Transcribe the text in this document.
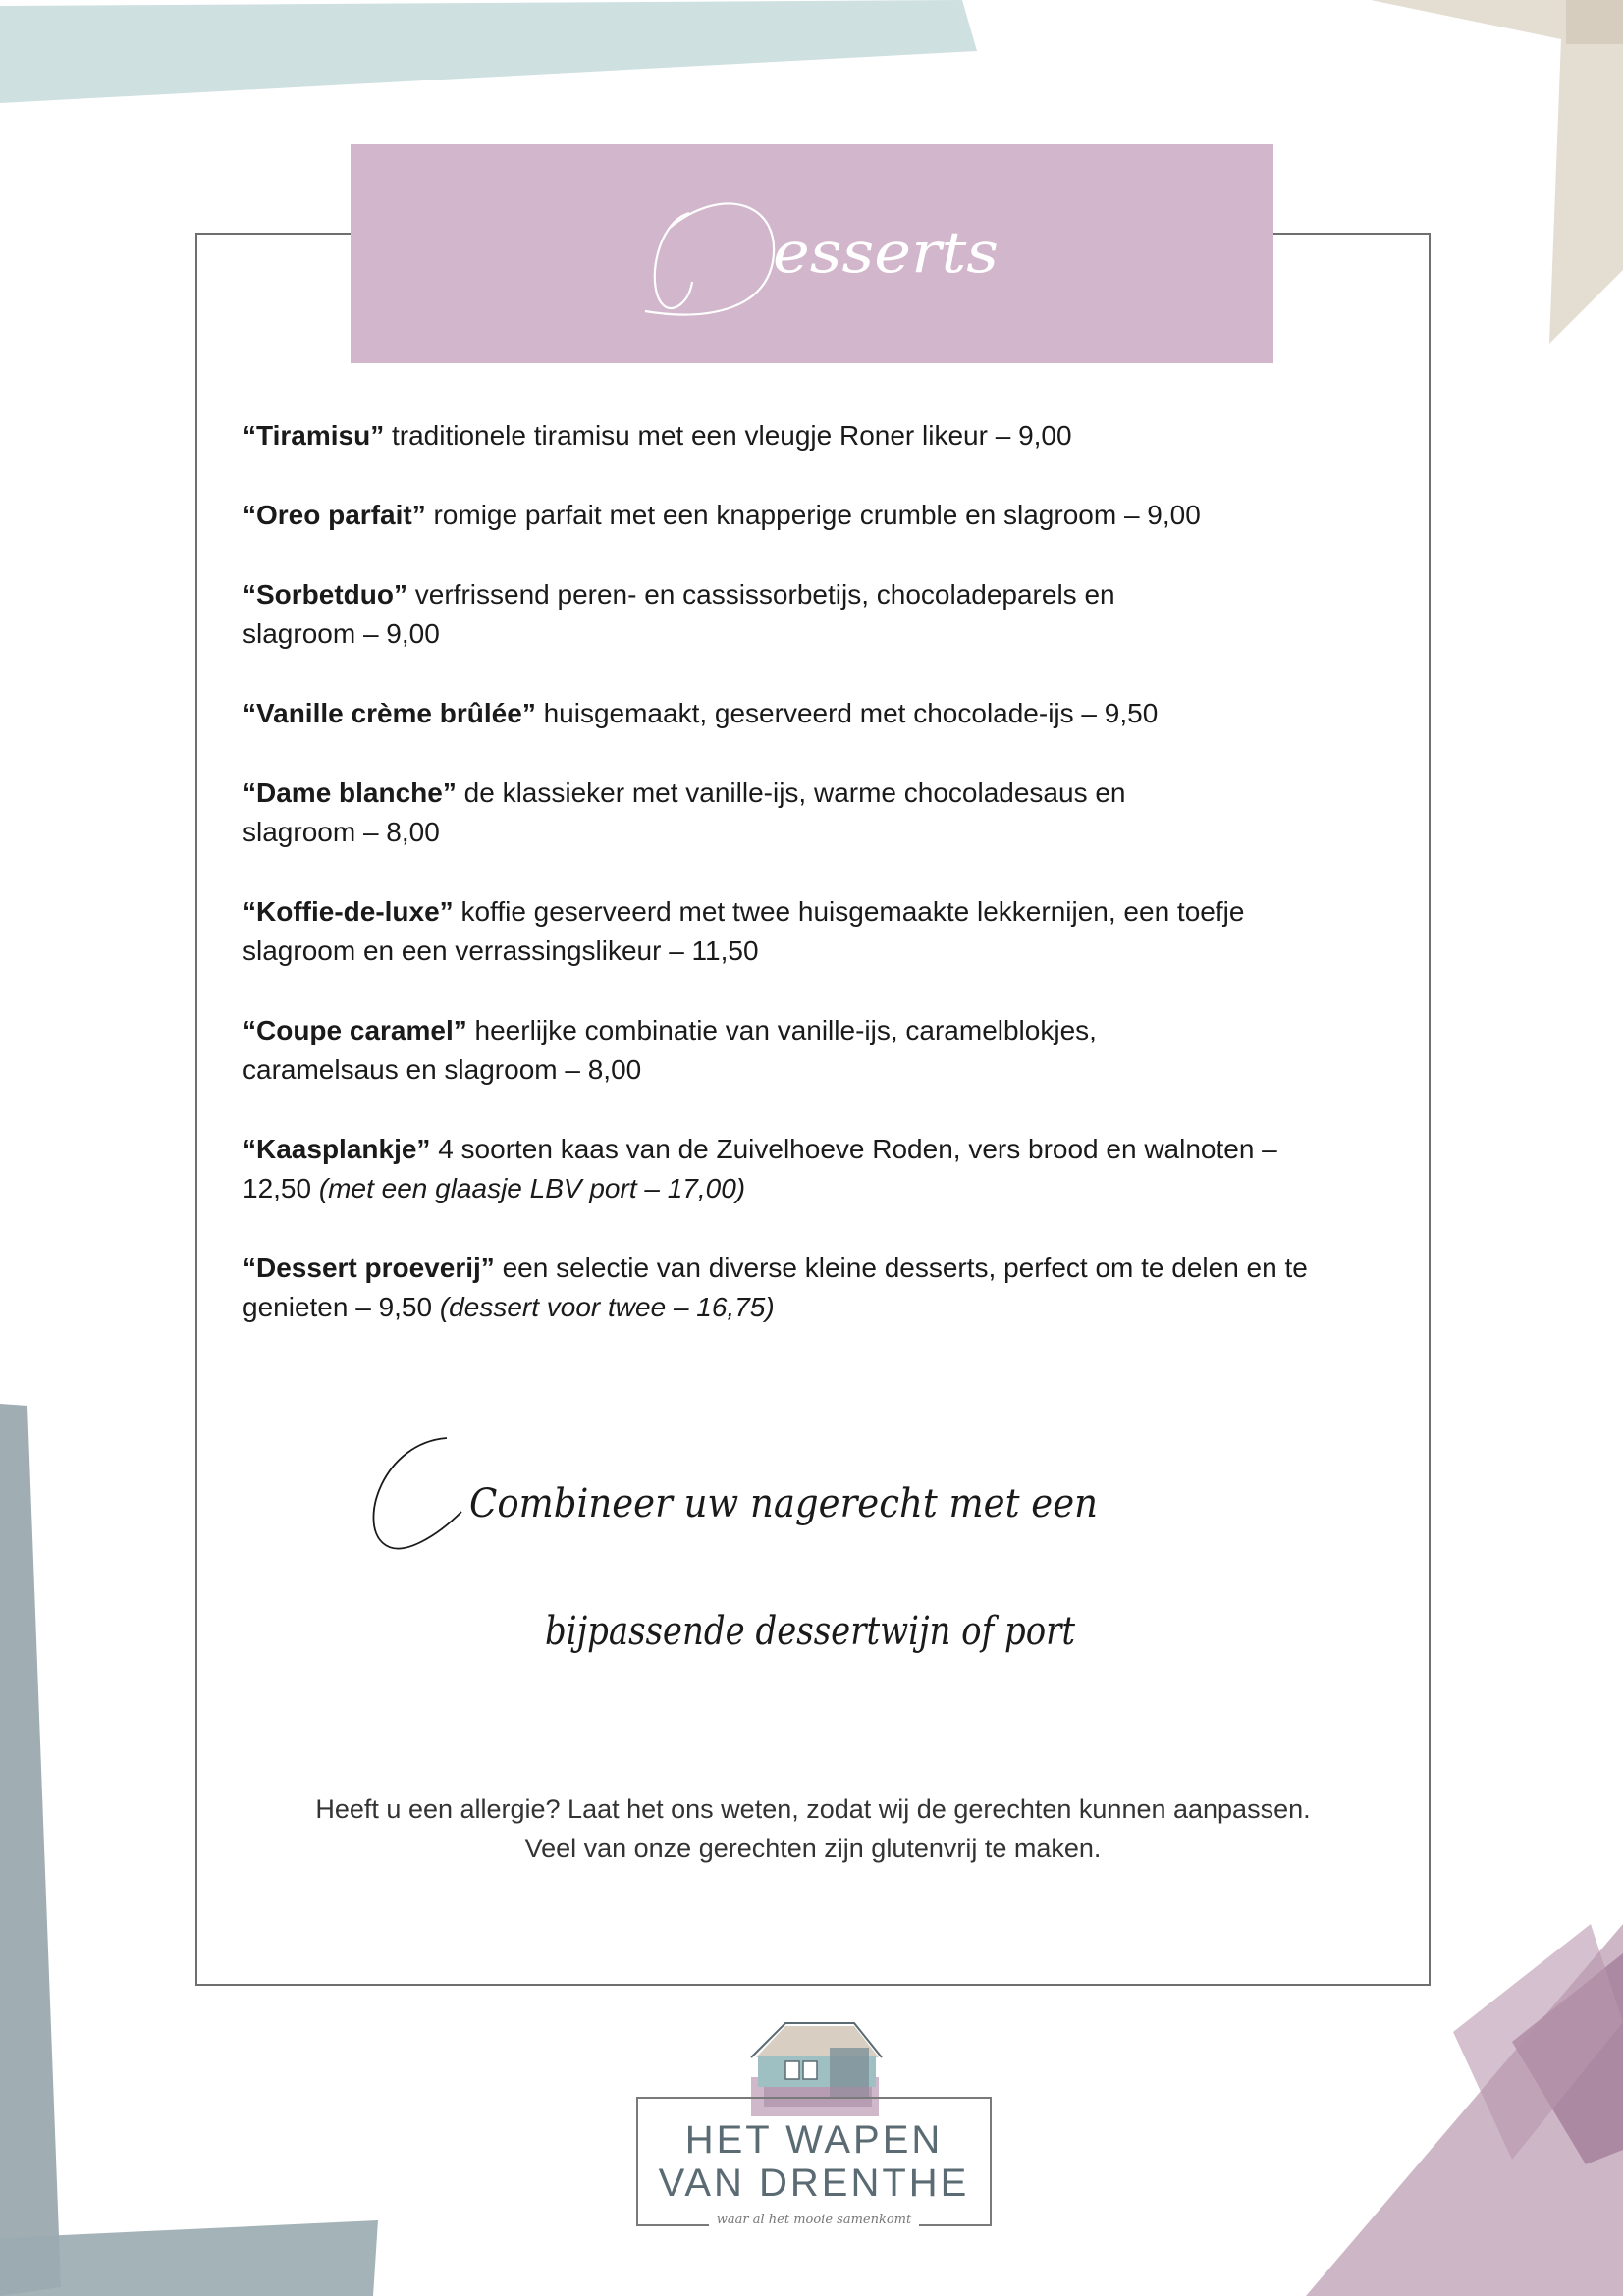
esserts

“Tiramisu” traditionele tiramisu met een vleugje Roner likeur – 9,00

“Oreo parfait” romige parfait met een knapperige crumble en slagroom – 9,00

“Sorbetduo” verfrissend peren- en cassissorbetijs, chocoladeparels en slagroom – 9,00

“Vanille crème brûlée” huisgemaakt, geserveerd met chocolade-ijs – 9,50

“Dame blanche” de klassieker met vanille-ijs, warme chocoladesaus en slagroom – 8,00

“Koffie-de-luxe” koffie geserveerd met twee huisgemaakte lekkernijen, een toefje slagroom en een verrassingslikeur – 11,50

“Coupe caramel” heerlijke combinatie van vanille-ijs, caramelblokjes, caramelsaus en slagroom – 8,00

“Kaasplankje” 4 soorten kaas van de Zuivelhoeve Roden, vers brood en walnoten – 12,50 (met een glaasje LBV port – 17,00)

“Dessert proeverij” een selectie van diverse kleine desserts, perfect om te delen en te genieten – 9,50 (dessert voor twee – 16,75)

Combineer uw nagerecht met een
bijpassende dessertwijn of port
Heeft u een allergie? Laat het ons weten, zodat wij de gerechten kunnen aanpassen.
Veel van onze gerechten zijn glutenvrij te maken.
HET WAPEN
VAN DRENTHE
waar al het mooie samenkomt
